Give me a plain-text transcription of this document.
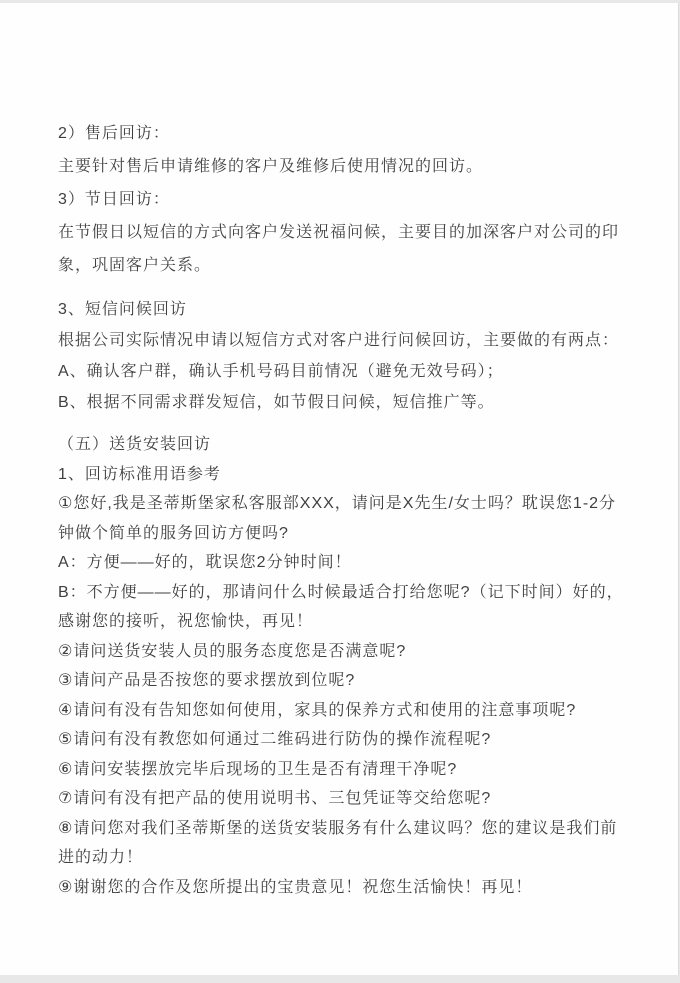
2）售后回访：
主要针对售后申请维修的客户及维修后使用情况的回访。
3）节日回访：
在节假日以短信的方式向客户发送祝福问候，主要目的加深客户对公司的印
象，巩固客户关系。
3、短信问候回访
根据公司实际情况申请以短信方式对客户进行问候回访，主要做的有两点：
A、确认客户群，确认手机号码目前情况（避免无效号码）；
B、根据不同需求群发短信，如节假日问候，短信推广等。
（五）送货安装回访
1、回访标准用语参考
①您好,我是圣蒂斯堡家私客服部XXX，请问是X先生/女士吗？耽误您1-2分
钟做个简单的服务回访方便吗?
A：方便——好的，耽误您2分钟时间！
B：不方便——好的，那请问什么时候最适合打给您呢?（记下时间）好的，
感谢您的接听，祝您愉快，再见！
②请问送货安装人员的服务态度您是否满意呢?
③请问产品是否按您的要求摆放到位呢?
④请问有没有告知您如何使用，家具的保养方式和使用的注意事项呢?
⑤请问有没有教您如何通过二维码进行防伪的操作流程呢?
⑥请问安装摆放完毕后现场的卫生是否有清理干净呢?
⑦请问有没有把产品的使用说明书、三包凭证等交给您呢?
⑧请问您对我们圣蒂斯堡的送货安装服务有什么建议吗？您的建议是我们前
进的动力！
⑨谢谢您的合作及您所提出的宝贵意见！祝您生活愉快！再见！
